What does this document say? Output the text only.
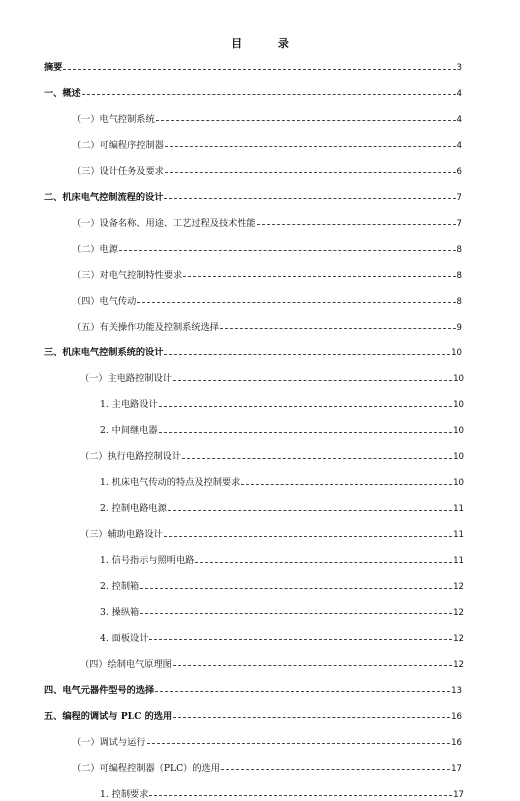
目 录
摘要	3
一、概述	4
（一）电气控制系统	4
（二）可编程序控制器	4
（三）设计任务及要求	6
二、机床电气控制流程的设计	7
（一）设备名称、用途、工艺过程及技术性能	7
（二）电源	8
（三）对电气控制特性要求	8
（四）电气传动	8
（五）有关操作功能及控制系统选择	9
三、机床电气控制系统的设计	10
（一）主电路控制设计	10
1. 主电路设计	10
2. 中间继电器	10
（二）执行电路控制设计	10
1. 机床电气传动的特点及控制要求	10
2. 控制电路电源	11
（三）辅助电路设计	11
1. 信号指示与照明电路	11
2. 控制箱	12
3. 操纵箱	12
4. 面板设计	12
（四）绘制电气原理图	12
四、电气元器件型号的选择	13
五、编程的调试与 PLC 的选用	16
（一）调试与运行	16
（二）可编程控制器（PLC）的选用	17
1. 控制要求	17
